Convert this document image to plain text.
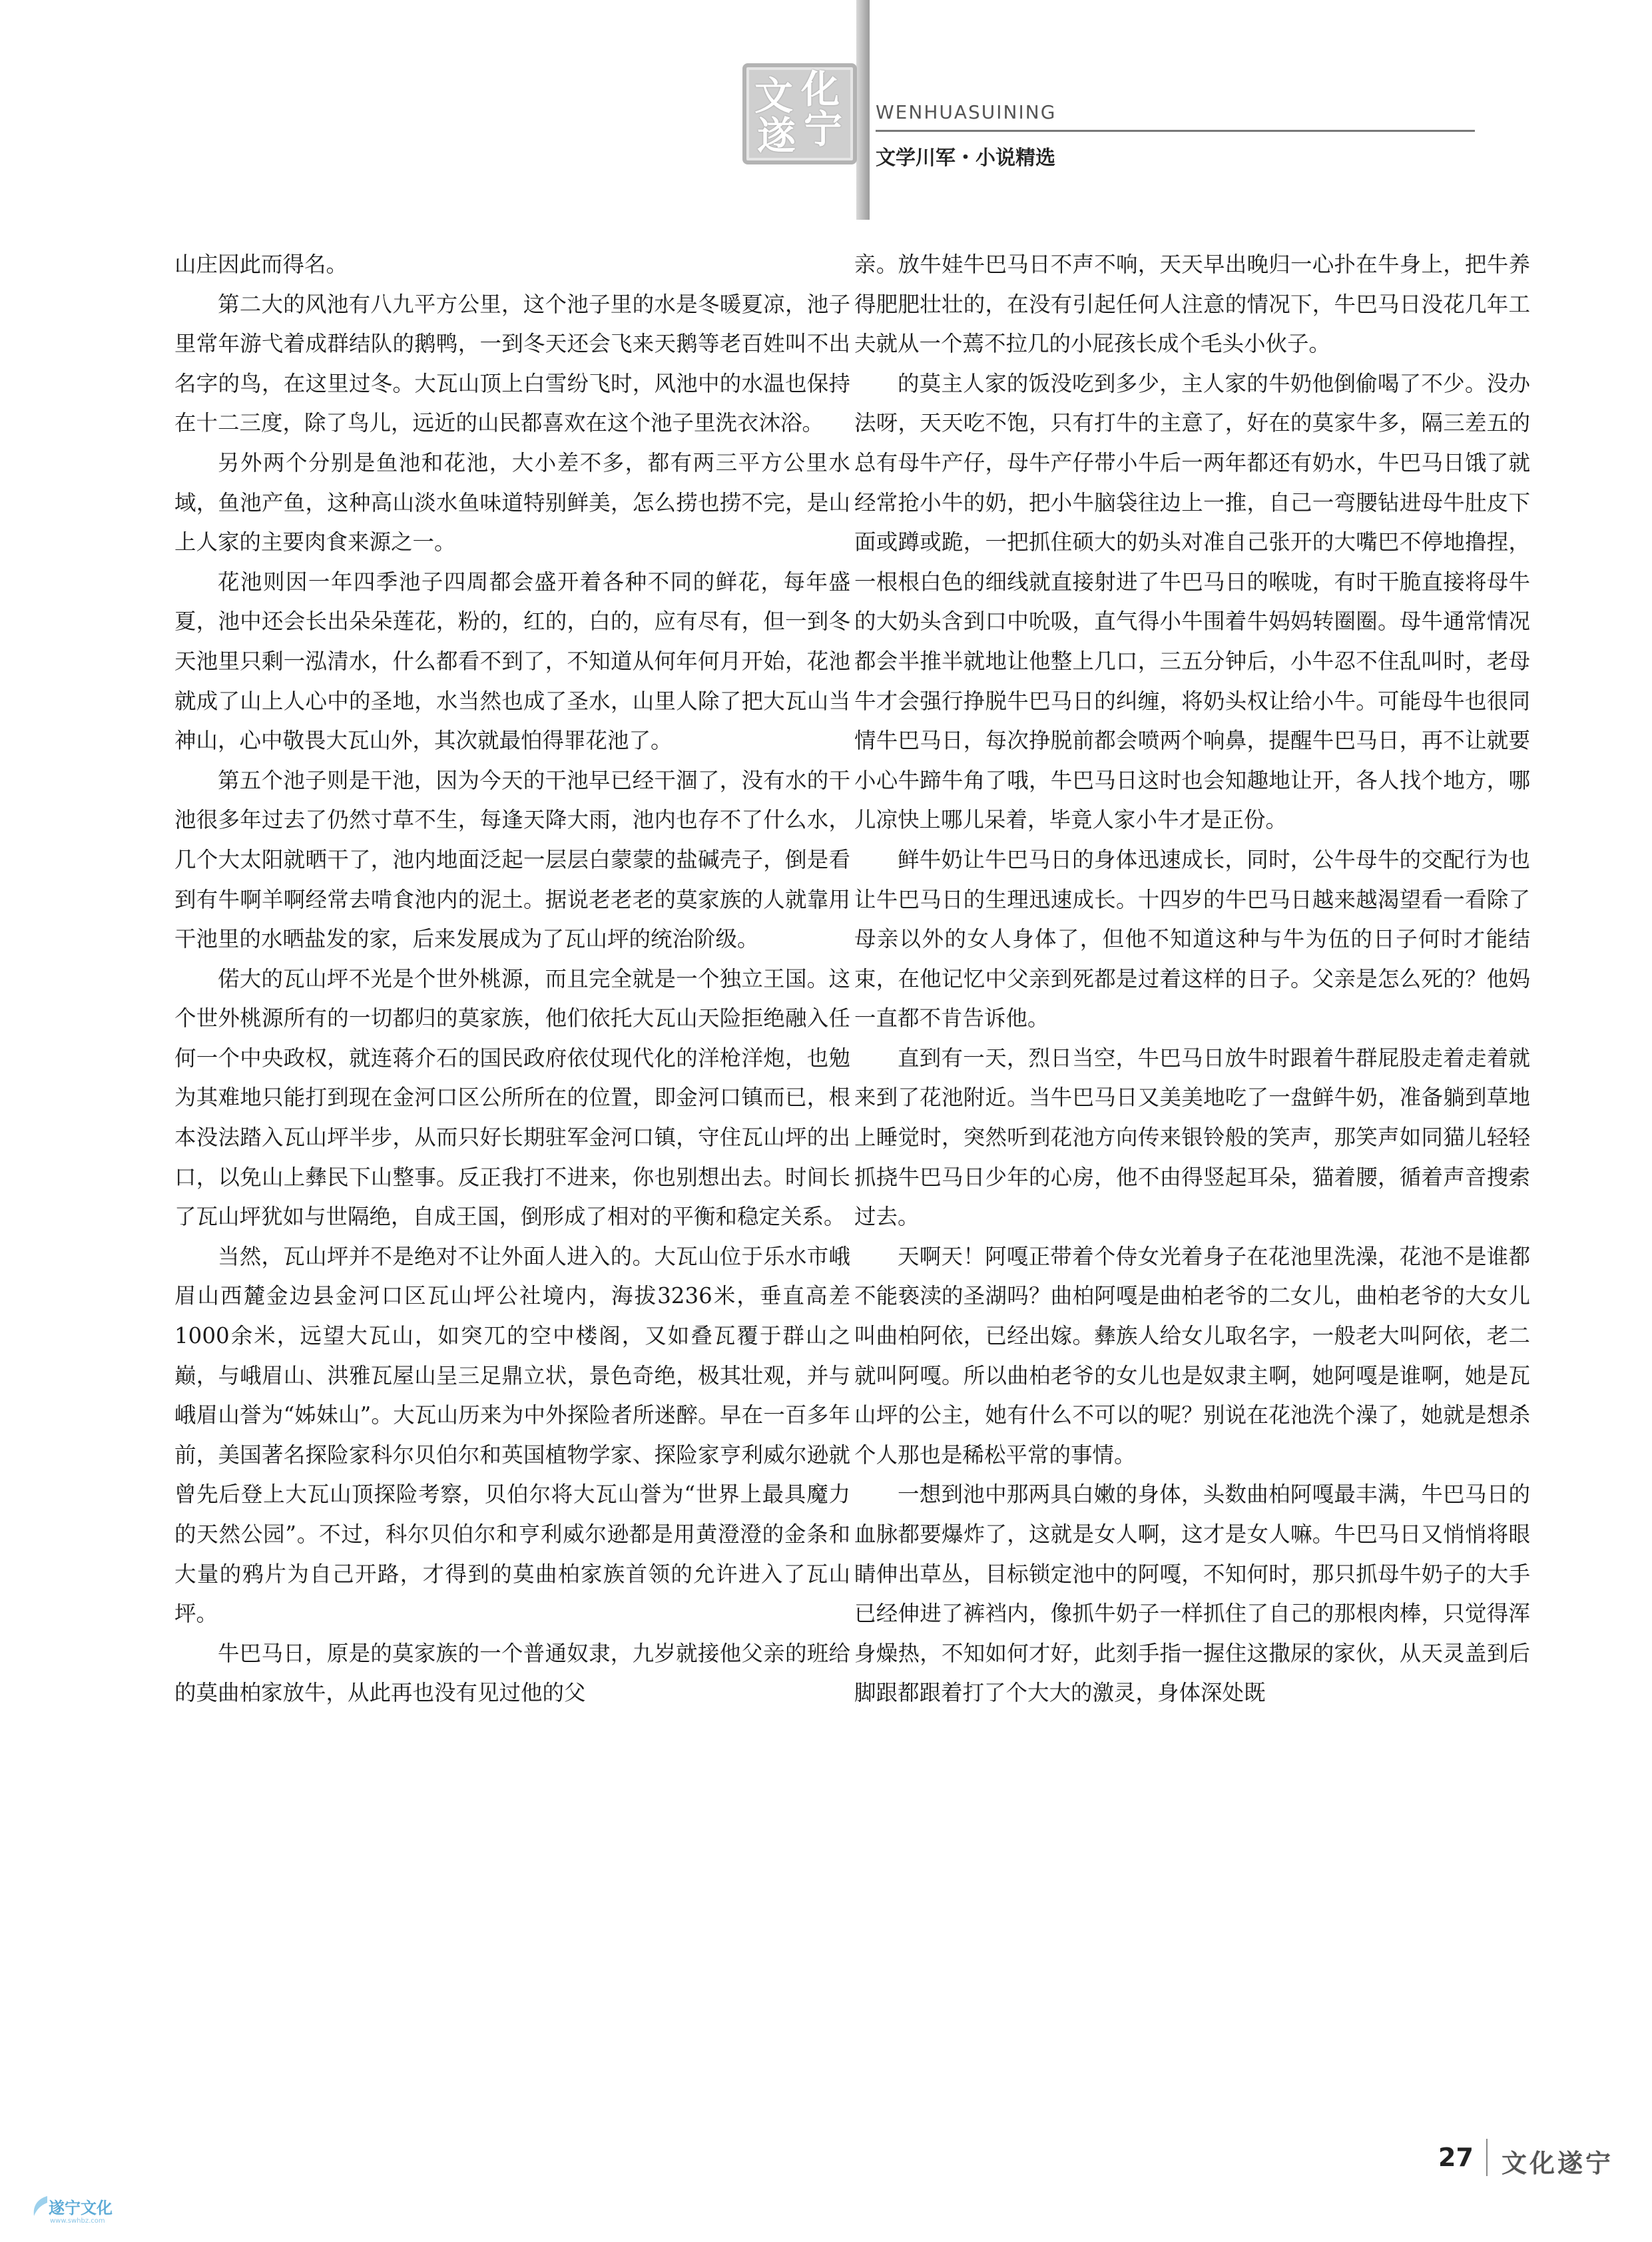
文 化
遂 宁 WENHUASUINING
文学川军・小说精选

山庄因此而得名。

第二大的风池有八九平方公里，这个池子里的水是冬暖夏凉，池子里常年游弋着成群结队的鹅鸭，一到冬天还会飞来天鹅等老百姓叫不出名字的鸟，在这里过冬。大瓦山顶上白雪纷飞时，风池中的水温也保持在十二三度，除了鸟儿，远近的山民都喜欢在这个池子里洗衣沐浴。

另外两个分别是鱼池和花池，大小差不多，都有两三平方公里水域，鱼池产鱼，这种高山淡水鱼味道特别鲜美，怎么捞也捞不完，是山上人家的主要肉食来源之一。

花池则因一年四季池子四周都会盛开着各种不同的鲜花，每年盛夏，池中还会长出朵朵莲花，粉的，红的，白的，应有尽有，但一到冬天池里只剩一泓清水，什么都看不到了，不知道从何年何月开始，花池就成了山上人心中的圣地，水当然也成了圣水，山里人除了把大瓦山当神山，心中敬畏大瓦山外，其次就最怕得罪花池了。

第五个池子则是干池，因为今天的干池早已经干涸了，没有水的干池很多年过去了仍然寸草不生，每逢天降大雨，池内也存不了什么水，几个大太阳就晒干了，池内地面泛起一层层白蒙蒙的盐碱壳子，倒是看到有牛啊羊啊经常去啃食池内的泥土。据说老老老的莫家族的人就靠用干池里的水晒盐发的家，后来发展成为了瓦山坪的统治阶级。

偌大的瓦山坪不光是个世外桃源，而且完全就是一个独立王国。这个世外桃源所有的一切都归的莫家族，他们依托大瓦山天险拒绝融入任何一个中央政权，就连蒋介石的国民政府依仗现代化的洋枪洋炮，也勉为其难地只能打到现在金河口区公所所在的位置，即金河口镇而已，根本没法踏入瓦山坪半步，从而只好长期驻军金河口镇，守住瓦山坪的出口，以免山上彝民下山整事。反正我打不进来，你也别想出去。时间长了瓦山坪犹如与世隔绝，自成王国，倒形成了相对的平衡和稳定关系。

当然，瓦山坪并不是绝对不让外面人进入的。大瓦山位于乐水市峨眉山西麓金边县金河口区瓦山坪公社境内，海拔3236米，垂直高差1000余米，远望大瓦山，如突兀的空中楼阁，又如叠瓦覆于群山之巅，与峨眉山、洪雅瓦屋山呈三足鼎立状，景色奇绝，极其壮观，并与峨眉山誉为“姊妹山”。大瓦山历来为中外探险者所迷醉。早在一百多年前，美国著名探险家科尔贝伯尔和英国植物学家、探险家亨利威尔逊就曾先后登上大瓦山顶探险考察，贝伯尔将大瓦山誉为“世界上最具魔力的天然公园”。不过，科尔贝伯尔和亨利威尔逊都是用黄澄澄的金条和大量的鸦片为自己开路，才得到的莫曲柏家族首领的允许进入了瓦山坪。

牛巴马日，原是的莫家族的一个普通奴隶，九岁就接他父亲的班给的莫曲柏家放牛，从此再也没有见过他的父

亲。放牛娃牛巴马日不声不响，天天早出晚归一心扑在牛身上，把牛养得肥肥壮壮的，在没有引起任何人注意的情况下，牛巴马日没花几年工夫就从一个蔫不拉几的小屁孩长成个毛头小伙子。

的莫主人家的饭没吃到多少，主人家的牛奶他倒偷喝了不少。没办法呀，天天吃不饱，只有打牛的主意了，好在的莫家牛多，隔三差五的总有母牛产仔，母牛产仔带小牛后一两年都还有奶水，牛巴马日饿了就经常抢小牛的奶，把小牛脑袋往边上一推，自己一弯腰钻进母牛肚皮下面或蹲或跪，一把抓住硕大的奶头对准自己张开的大嘴巴不停地撸捏，一根根白色的细线就直接射进了牛巴马日的喉咙，有时干脆直接将母牛的大奶头含到口中吮吸，直气得小牛围着牛妈妈转圈圈。母牛通常情况都会半推半就地让他整上几口，三五分钟后，小牛忍不住乱叫时，老母牛才会强行挣脱牛巴马日的纠缠，将奶头权让给小牛。可能母牛也很同情牛巴马日，每次挣脱前都会喷两个响鼻，提醒牛巴马日，再不让就要小心牛蹄牛角了哦，牛巴马日这时也会知趣地让开，各人找个地方，哪儿凉快上哪儿呆着，毕竟人家小牛才是正份。

鲜牛奶让牛巴马日的身体迅速成长，同时，公牛母牛的交配行为也让牛巴马日的生理迅速成长。十四岁的牛巴马日越来越渴望看一看除了母亲以外的女人身体了，但他不知道这种与牛为伍的日子何时才能结束，在他记忆中父亲到死都是过着这样的日子。父亲是怎么死的？他妈一直都不肯告诉他。

直到有一天，烈日当空，牛巴马日放牛时跟着牛群屁股走着走着就来到了花池附近。当牛巴马日又美美地吃了一盘鲜牛奶，准备躺到草地上睡觉时，突然听到花池方向传来银铃般的笑声，那笑声如同猫儿轻轻抓挠牛巴马日少年的心房，他不由得竖起耳朵，猫着腰，循着声音搜索过去。

天啊天！阿嘎正带着个侍女光着身子在花池里洗澡，花池不是谁都不能亵渎的圣湖吗？曲柏阿嘎是曲柏老爷的二女儿，曲柏老爷的大女儿叫曲柏阿依，已经出嫁。彝族人给女儿取名字，一般老大叫阿依，老二就叫阿嘎。所以曲柏老爷的女儿也是奴隶主啊，她阿嘎是谁啊，她是瓦山坪的公主，她有什么不可以的呢？别说在花池洗个澡了，她就是想杀个人那也是稀松平常的事情。

一想到池中那两具白嫩的身体，头数曲柏阿嘎最丰满，牛巴马日的血脉都要爆炸了，这就是女人啊，这才是女人嘛。牛巴马日又悄悄将眼睛伸出草丛，目标锁定池中的阿嘎，不知何时，那只抓母牛奶子的大手已经伸进了裤裆内，像抓牛奶子一样抓住了自己的那根肉棒，只觉得浑身燥热，不知如何才好，此刻手指一握住这撒尿的家伙，从天灵盖到后脚跟都跟着打了个大大的激灵，身体深处既

27 文化遂宁
遂宁文化
www.swhbz.com
